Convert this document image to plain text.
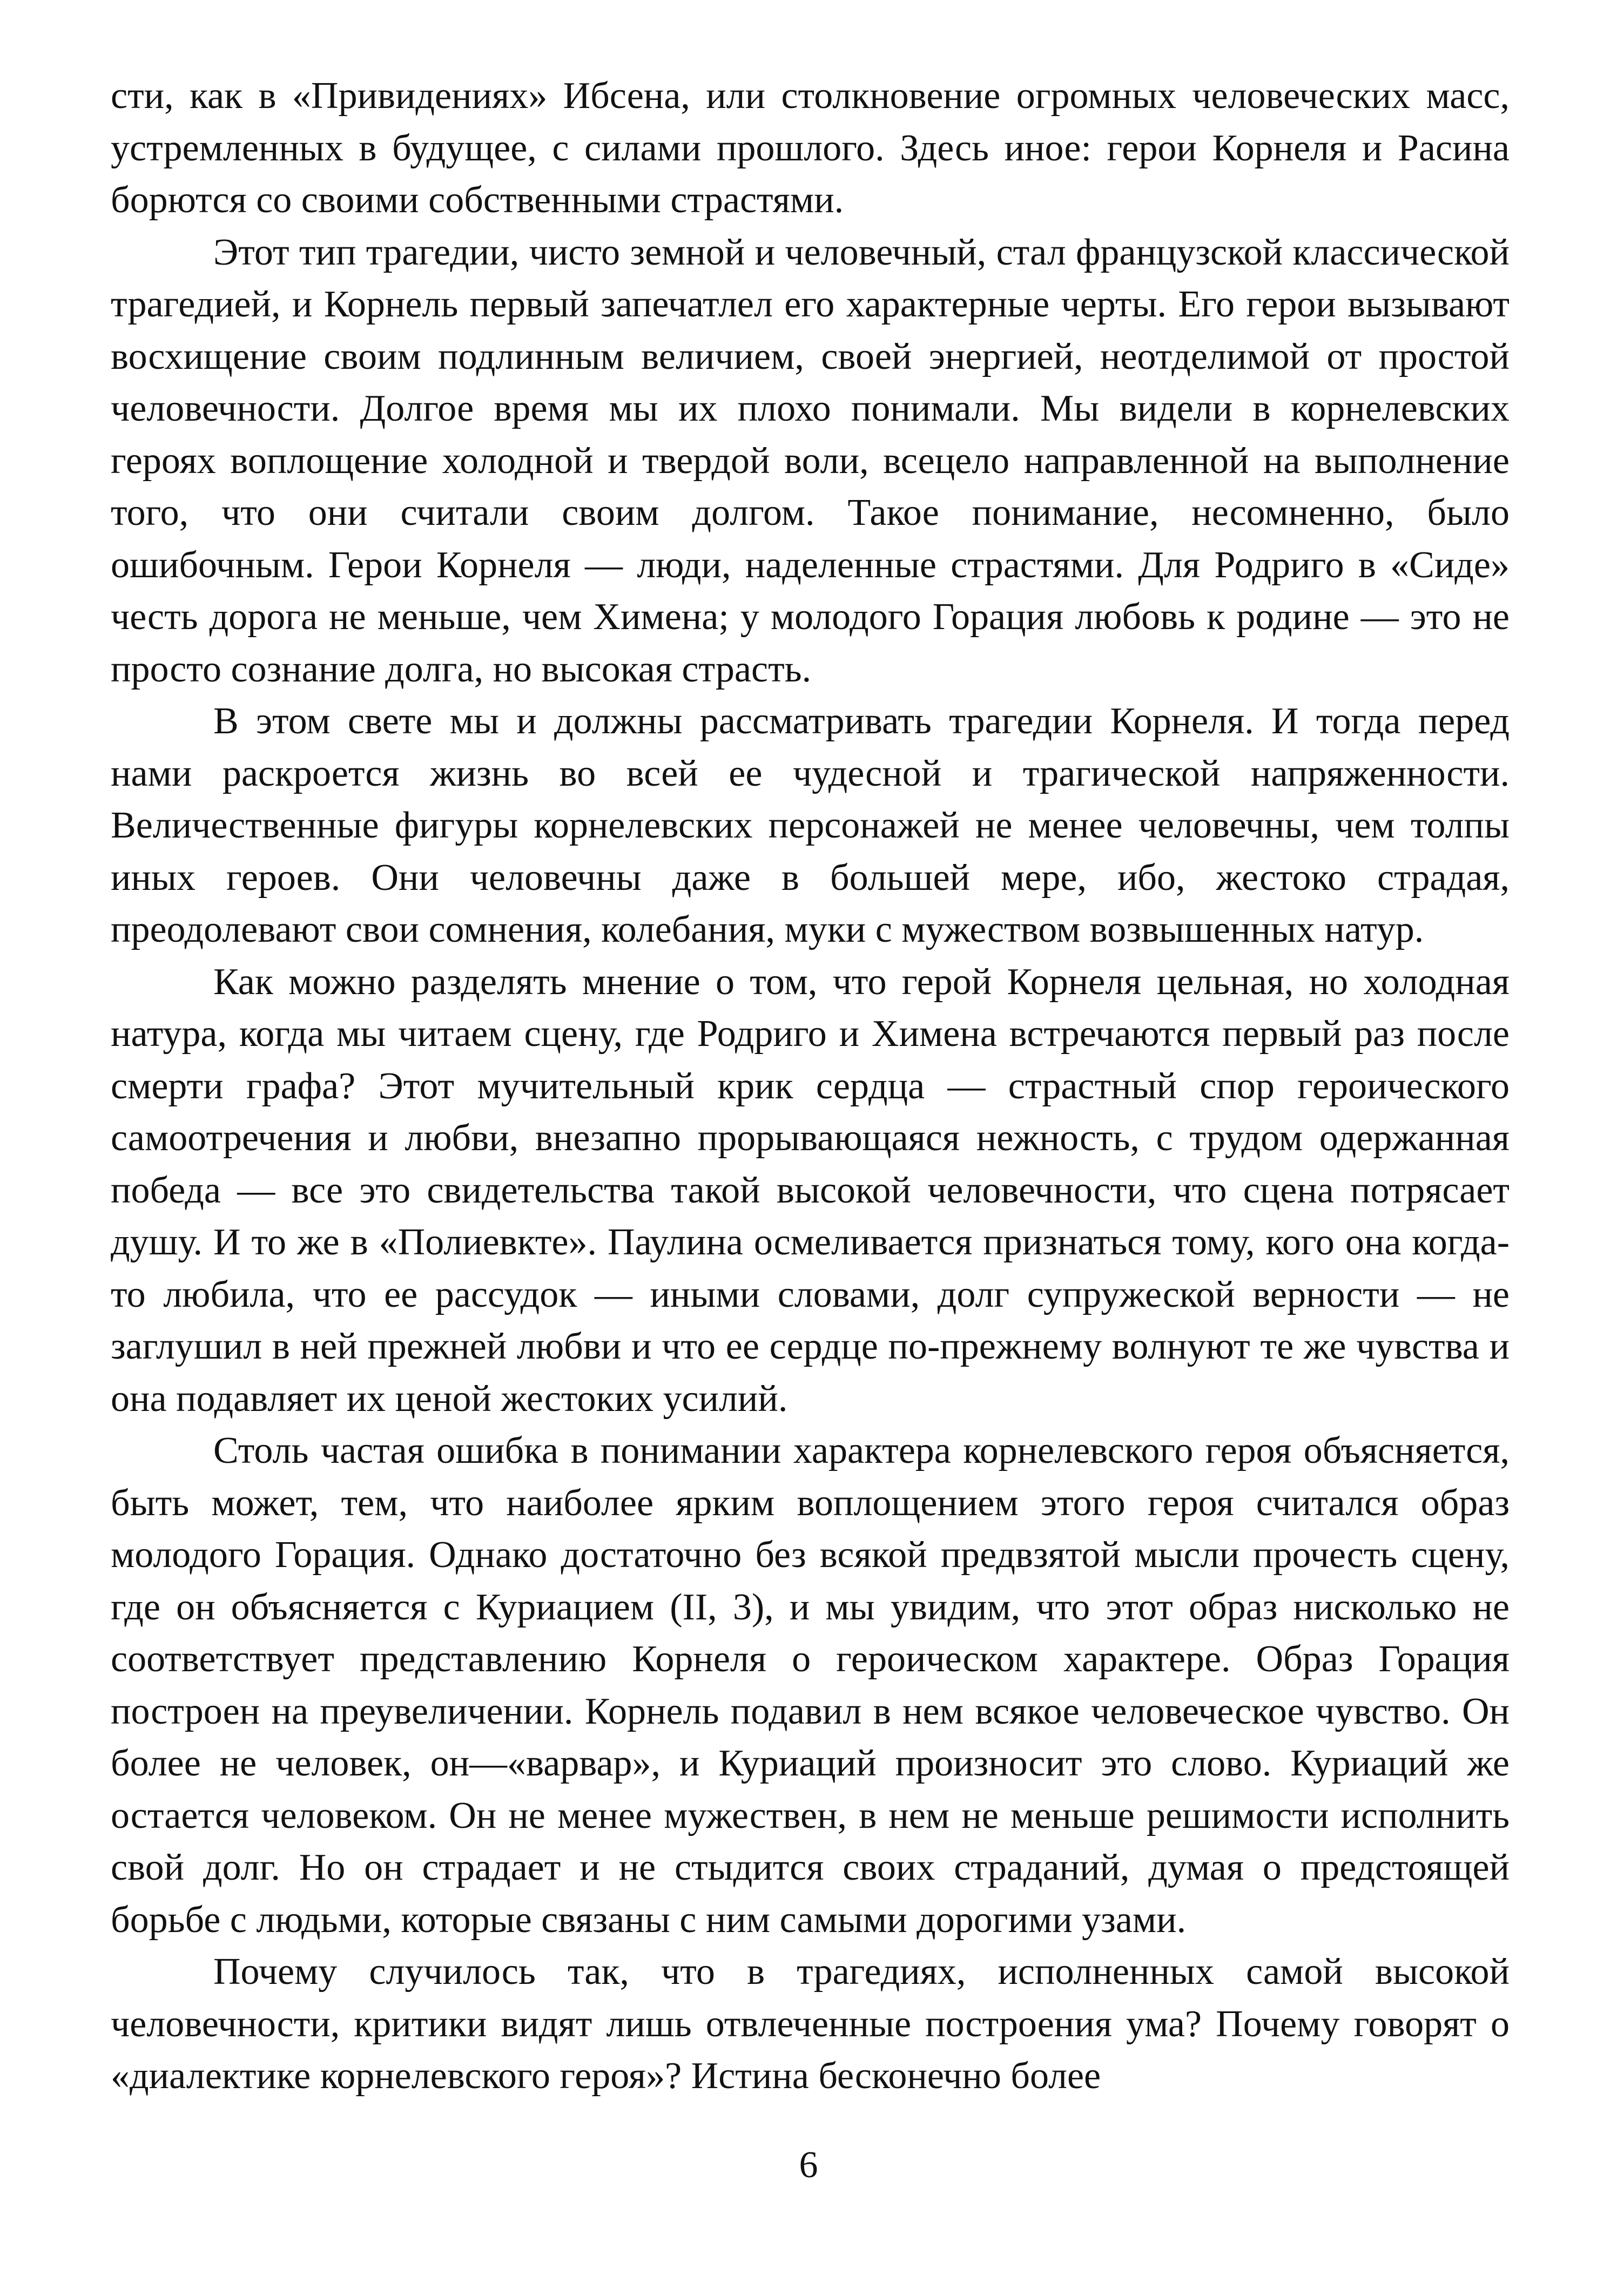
сти, как в «Привидениях» Ибсена, или столкновение огромных человеческих масс, устремленных в будущее, с силами прошлого. Здесь иное: герои Корнеля и Расина борются со своими собственными страстями.

Этот тип трагедии, чисто земной и человечный, стал французской классической трагедией, и Корнель первый запечатлел его характерные черты. Его герои вызывают восхищение своим подлинным величием, своей энергией, неотделимой от простой человечности. Долгое время мы их плохо понимали. Мы видели в корнелевских героях воплощение холодной и твердой воли, всецело направленной на выполнение того, что они считали своим долгом. Такое понимание, несомненно, было ошибочным. Герои Корнеля — люди, наделенные страстями. Для Родриго в «Сиде» честь дорога не меньше, чем Химена; у молодого Горация любовь к родине — это не просто сознание долга, но высокая страсть.

В этом свете мы и должны рассматривать трагедии Корнеля. И тогда перед нами раскроется жизнь во всей ее чудесной и трагической напряженности. Величественные фигуры корнелевских персонажей не менее человечны, чем толпы иных героев. Они человечны даже в большей мере, ибо, жестоко страдая, преодолевают свои сомнения, колебания, муки с мужеством возвышенных натур.

Как можно разделять мнение о том, что герой Корнеля цельная, но холодная натура, когда мы читаем сцену, где Родриго и Химена встречаются первый раз после смерти графа? Этот мучительный крик сердца — страстный спор героического самоотречения и любви, внезапно прорывающаяся нежность, с трудом одержанная победа — все это свидетельства такой высокой человечности, что сцена потрясает душу. И то же в «Полиевкте». Паулина осмеливается признаться тому, кого она когда-то любила, что ее рассудок — иными словами, долг супружеской верности — не заглушил в ней прежней любви и что ее сердце по-прежнему волнуют те же чувства и она подавляет их ценой жестоких усилий.

Столь частая ошибка в понимании характера корнелевского героя объясняется, быть может, тем, что наиболее ярким воплощением этого героя считался образ молодого Горация. Однако достаточно без всякой предвзятой мысли прочесть сцену, где он объясняется с Куриацием (II, 3), и мы увидим, что этот образ нисколько не соответствует представлению Корнеля о героическом характере. Образ Горация построен на преувеличении. Корнель подавил в нем всякое человеческое чувство. Он более не человек, он—«варвар», и Куриаций произносит это слово. Куриаций же остается человеком. Он не менее мужествен, в нем не меньше решимости исполнить свой долг. Но он страдает и не стыдится своих страданий, думая о предстоящей борьбе с людьми, которые связаны с ним самыми дорогими узами.

Почему случилось так, что в трагедиях, исполненных самой высокой человечности, критики видят лишь отвлеченные построения ума? Почему говорят о «диалектике корнелевского героя»? Истина бесконечно более

6
